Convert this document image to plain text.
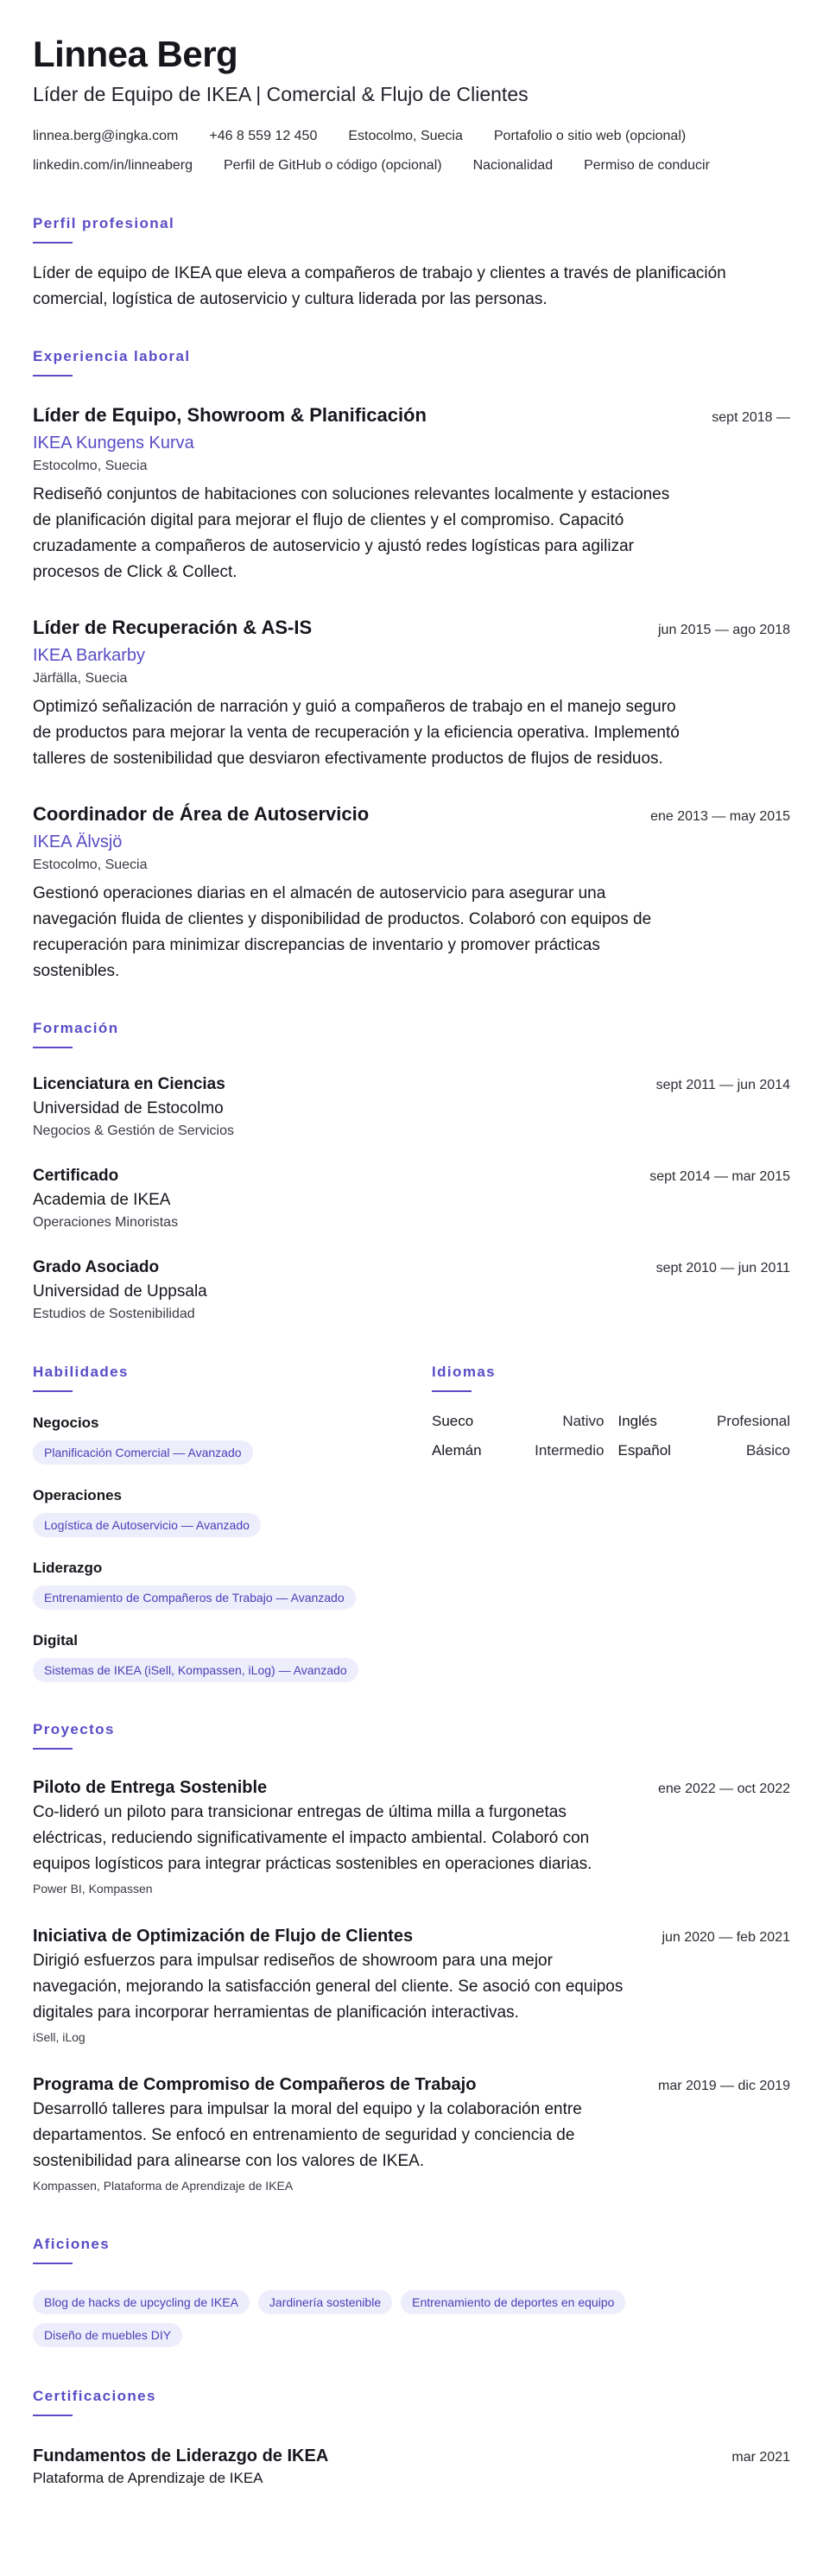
Linnea Berg
Líder de Equipo de IKEA | Comercial & Flujo de Clientes
linnea.berg@ingka.com +46 8 559 12 450 Estocolmo, Suecia Portafolio o sitio web (opcional)
linkedin.com/in/linneaberg Perfil de GitHub o código (opcional) Nacionalidad Permiso de conducir
Perfil profesional
Líder de equipo de IKEA que eleva a compañeros de trabajo y clientes a través de planificación comercial, logística de autoservicio y cultura liderada por las personas.
Experiencia laboral
Líder de Equipo, Showroom & Planificación	sept 2018 —
IKEA Kungens Kurva
Estocolmo, Suecia
Rediseñó conjuntos de habitaciones con soluciones relevantes localmente y estaciones de planificación digital para mejorar el flujo de clientes y el compromiso. Capacitó cruzadamente a compañeros de autoservicio y ajustó redes logísticas para agilizar procesos de Click & Collect.
Líder de Recuperación & AS-IS	jun 2015 — ago 2018
IKEA Barkarby
Järfälla, Suecia
Optimizó señalización de narración y guió a compañeros de trabajo en el manejo seguro de productos para mejorar la venta de recuperación y la eficiencia operativa. Implementó talleres de sostenibilidad que desviaron efectivamente productos de flujos de residuos.
Coordinador de Área de Autoservicio	ene 2013 — may 2015
IKEA Älvsjö
Estocolmo, Suecia
Gestionó operaciones diarias en el almacén de autoservicio para asegurar una navegación fluida de clientes y disponibilidad de productos. Colaboró con equipos de recuperación para minimizar discrepancias de inventario y promover prácticas sostenibles.
Formación
Licenciatura en Ciencias	sept 2011 — jun 2014
Universidad de Estocolmo
Negocios & Gestión de Servicios
Certificado	sept 2014 — mar 2015
Academia de IKEA
Operaciones Minoristas
Grado Asociado	sept 2010 — jun 2011
Universidad de Uppsala
Estudios de Sostenibilidad
Habilidades
Negocios
Planificación Comercial — Avanzado
Operaciones
Logística de Autoservicio — Avanzado
Liderazgo
Entrenamiento de Compañeros de Trabajo — Avanzado
Digital
Sistemas de IKEA (iSell, Kompassen, iLog) — Avanzado
Idiomas
Sueco	Nativo Inglés	Profesional
Alemán	Intermedio Español	Básico
Proyectos
Piloto de Entrega Sostenible	ene 2022 — oct 2022
Co-lideró un piloto para transicionar entregas de última milla a furgonetas eléctricas, reduciendo significativamente el impacto ambiental. Colaboró con equipos logísticos para integrar prácticas sostenibles en operaciones diarias.
Power BI, Kompassen
Iniciativa de Optimización de Flujo de Clientes	jun 2020 — feb 2021
Dirigió esfuerzos para impulsar rediseños de showroom para una mejor navegación, mejorando la satisfacción general del cliente. Se asoció con equipos digitales para incorporar herramientas de planificación interactivas.
iSell, iLog
Programa de Compromiso de Compañeros de Trabajo	mar 2019 — dic 2019
Desarrolló talleres para impulsar la moral del equipo y la colaboración entre departamentos. Se enfocó en entrenamiento de seguridad y conciencia de sostenibilidad para alinearse con los valores de IKEA.
Kompassen, Plataforma de Aprendizaje de IKEA
Aficiones
Blog de hacks de upcycling de IKEA	Jardinería sostenible	Entrenamiento de deportes en equipoDiseño de muebles DIY
Certificaciones
Fundamentos de Liderazgo de IKEA	mar 2021
Plataforma de Aprendizaje de IKEA
